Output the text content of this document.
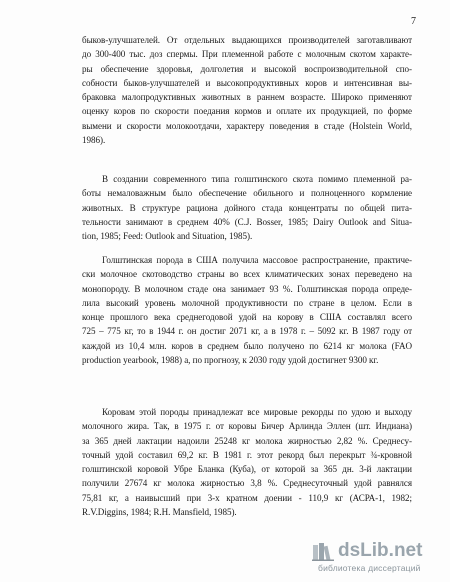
7

быков-улучшателей. От отдельных выдающихся производителей заготавливают
до 300-400 тыс. доз спермы. При племенной работе с молочным скотом характе-
ры обеспечение здоровья, долголетия и высокой воспроизводительной спо-
собности быков-улучшателей и высокопродуктивных коров и интенсивная вы-
браковка малопродуктивных животных в раннем возрасте. Широко применяют
оценку коров по скорости поедания кормов и оплате их продукцией, по форме
вымени и скорости молокоотдачи, характеру поведения в стаде (Holstein World,
1986).

В создании современного типа голштинского скота помимо племенной ра-
боты немаловажным было обеспечение обильного и полноценного кормление
животных. В структуре рациона дойного стада концентраты по общей пита-
тельности занимают в среднем 40% (C.J. Bosser, 1985; Dairy Outlook and Situa-
tion, 1985; Feed: Outlook and Situation, 1985).

Голштинская порода в США получила массовое распространение, практиче-
ски молочное скотоводство страны во всех климатических зонах переведено на
монопороду. В молочном стаде она занимает 93 %. Голштинская порода опреде-
лила высокий уровень молочной продуктивности по стране в целом. Если в
конце прошлого века среднегодовой удой на корову в США составлял всего
725 – 775 кг, то в 1944 г. он достиг 2071 кг, а в 1978 г. – 5092 кг. В 1987 году от
каждой из 10,4 млн. коров в среднем было получено по 6214 кг молока (FAO
production yearbook, 1988) а, по прогнозу, к 2030 году удой достигнет 9300 кг.

Коровам этой породы принадлежат все мировые рекорды по удою и выходу
молочного жира. Так, в 1975 г. от коровы Бичер Арлинда Эллен (шт. Индиана)
за 365 дней лактации надоили 25248 кг молока жирностью 2,82 %. Среднесу-
точный удой составил 69,2 кг. В 1981 г. этот рекорд был перекрыт ¾-кровной
голштинской коровой Убре Бланка (Куба), от которой за 365 дн. 3-й лактации
получили 27674 кг молока жирностью 3,8 %. Среднесуточный удой равнялся
75,81 кг, а наивысший при 3-х кратном доении - 110,9 кг (АСРА-1, 1982;
R.V.Diggins, 1984; R.H. Mansfield, 1985).

dsLib.net
библиотека диссертаций
